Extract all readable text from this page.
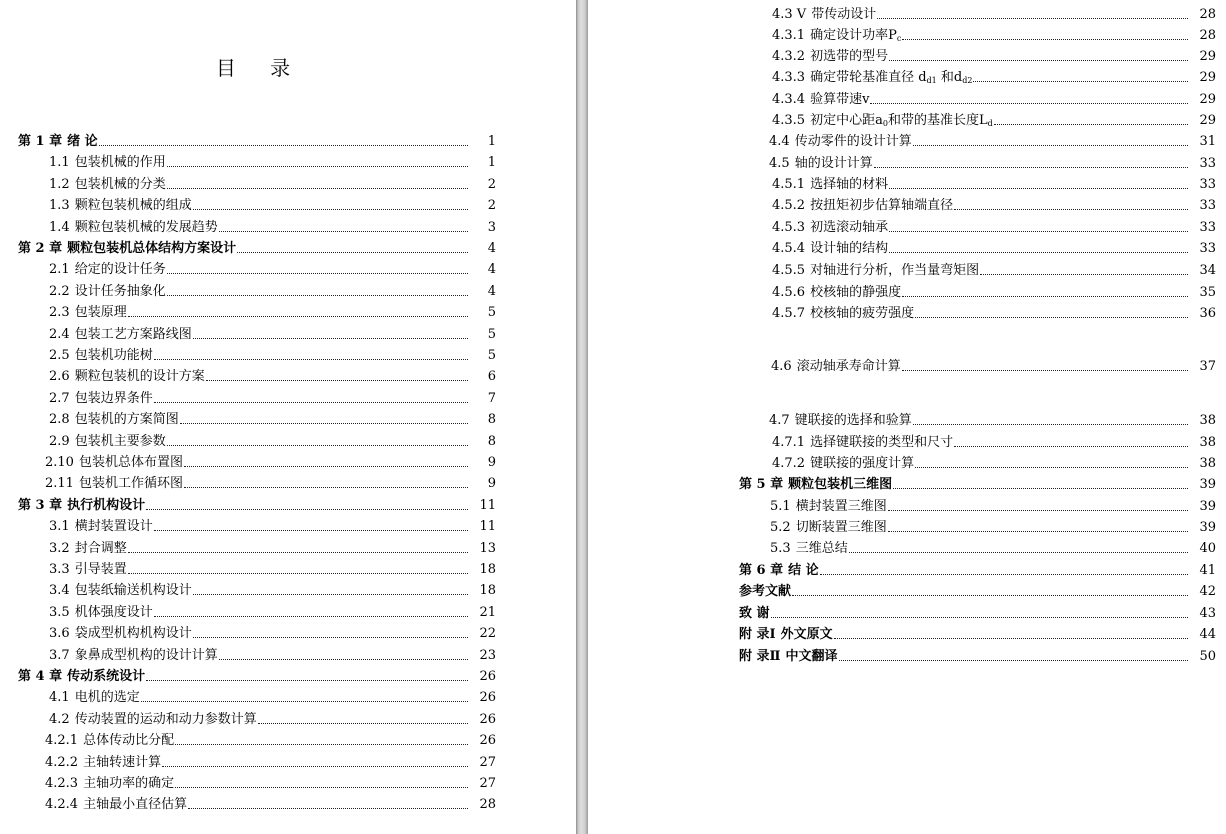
目 录
第 1 章 绪 论	1
1.1 包装机械的作用	1
1.2 包装机械的分类	2
1.3 颗粒包装机械的组成	2
1.4 颗粒包装机械的发展趋势	3
第 2 章 颗粒包装机总体结构方案设计	4
2.1 给定的设计任务	4
2.2 设计任务抽象化	4
2.3 包装原理	5
2.4 包装工艺方案路线图	5
2.5 包装机功能树	5
2.6 颗粒包装机的设计方案	6
2.7 包装边界条件	7
2.8 包装机的方案简图	8
2.9 包装机主要参数	8
2.10 包装机总体布置图	9
2.11 包装机工作循环图	9
第 3 章 执行机构设计	11
3.1 横封装置设计	11
3.2 封合调整	13
3.3 引导装置	18
3.4 包装纸输送机构设计	18
3.5 机体强度设计	21
3.6 袋成型机构机构设计	22
3.7 象鼻成型机构的设计计算	23
第 4 章 传动系统设计	26
4.1 电机的选定	26
4.2 传动装置的运动和动力参数计算	26
4.2.1 总体传动比分配	26
4.2.2 主轴转速计算	27
4.2.3 主轴功率的确定	27
4.2.4 主轴最小直径估算	28
4.3 V 带传动设计	28
4.3.1 确定设计功率$P_c$	28
4.3.2 初选带的型号	29
4.3.3 确定带轮基准直径 $d_{d1}$ 和$d_{d2}$	29
4.3.4 验算带速v	29
4.3.5 初定中心距$a_0$和带的基准长度$L_d$	29
4.4 传动零件的设计计算	31
4.5 轴的设计计算	33
4.5.1 选择轴的材料	33
4.5.2 按扭矩初步估算轴端直径	33
4.5.3 初选滚动轴承	33
4.5.4 设计轴的结构	33
4.5.5 对轴进行分析，作当量弯矩图	34
4.5.6 校核轴的静强度	35
4.5.7 校核轴的疲劳强度	36
4.6 滚动轴承寿命计算	37
4.7 键联接的选择和验算	38
4.7.1 选择键联接的类型和尺寸	38
4.7.2 键联接的强度计算	38
第 5 章 颗粒包装机三维图	39
5.1 横封装置三维图	39
5.2 切断装置三维图	39
5.3 三维总结	40
第 6 章 结 论	41
参考文献	42
致 谢	43
附 录Ⅰ 外文原文	44
附 录Ⅱ 中文翻译	50
